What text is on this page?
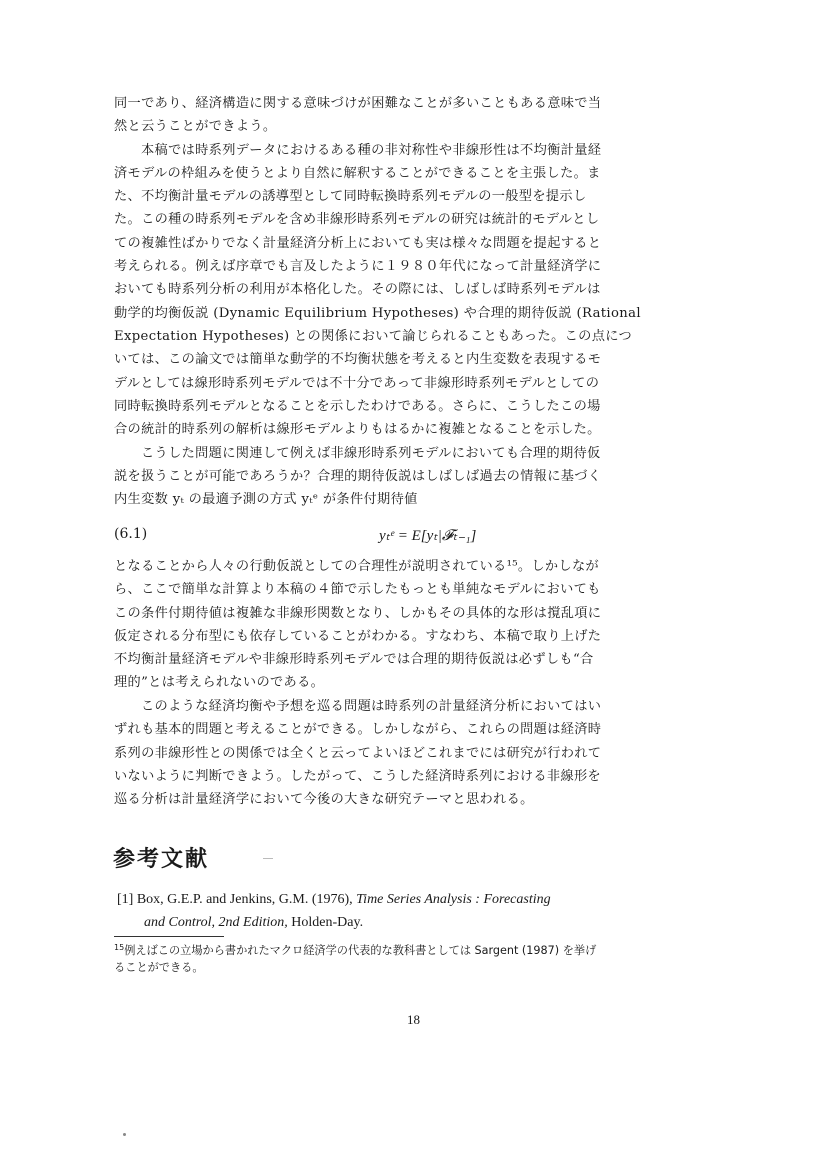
同一であり、経済構造に関する意味づけが困難なことが多いこともある意味で当
然と云うことができよう。
本稿では時系列データにおけるある種の非対称性や非線形性は不均衡計量経
済モデルの枠組みを使うとより自然に解釈することができることを主張した。ま
た、不均衡計量モデルの誘導型として同時転換時系列モデルの一般型を提示し
た。この種の時系列モデルを含め非線形時系列モデルの研究は統計的モデルとし
ての複雑性ばかりでなく計量経済分析上においても実は様々な問題を提起すると
考えられる。例えば序章でも言及したように１９８０年代になって計量経済学に
おいても時系列分析の利用が本格化した。その際には、しばしば時系列モデルは
動学的均衡仮説 (Dynamic Equilibrium Hypotheses) や合理的期待仮説 (Rational
Expectation Hypotheses) との関係において論じられることもあった。この点につ
いては、この論文では簡単な動学的不均衡状態を考えると内生変数を表現するモ
デルとしては線形時系列モデルでは不十分であって非線形時系列モデルとしての
同時転換時系列モデルとなることを示したわけである。さらに、こうしたこの場
合の統計的時系列の解析は線形モデルよりもはるかに複雑となることを示した。
こうした問題に関連して例えば非線形時系列モデルにおいても合理的期待仮
説を扱うことが可能であろうか？合理的期待仮説はしばしば過去の情報に基づく
内生変数 yₜ の最適予測の方式 yₜᵉ が条件付期待値
(6.1)	yₜᵉ = E[yₜ|𝓕ₜ₋₁]
となることから人々の行動仮説としての合理性が説明されている¹⁵。しかしなが
ら、ここで簡単な計算より本稿の４節で示したもっとも単純なモデルにおいても
この条件付期待値は複雑な非線形関数となり、しかもその具体的な形は撹乱項に
仮定される分布型にも依存していることがわかる。すなわち、本稿で取り上げた
不均衡計量経済モデルや非線形時系列モデルでは合理的期待仮説は必ずしも“合
理的”とは考えられないのである。
このような経済均衡や予想を巡る問題は時系列の計量経済分析においてはい
ずれも基本的問題と考えることができる。しかしながら、これらの問題は経済時
系列の非線形性との関係では全くと云ってよいほどこれまでには研究が行われて
いないように判断できよう。したがって、こうした経済時系列における非線形を
巡る分析は計量経済学において今後の大きな研究テーマと思われる。
参考文献
[1] Box, G.E.P. and Jenkins, G.M. (1976), Time Series Analysis : Forecasting
and Control, 2nd Edition, Holden-Day.
$^{15}$例えばこの立場から書かれたマクロ経済学の代表的な教科書としては Sargent (1987) を挙げ
ることができる。
18
